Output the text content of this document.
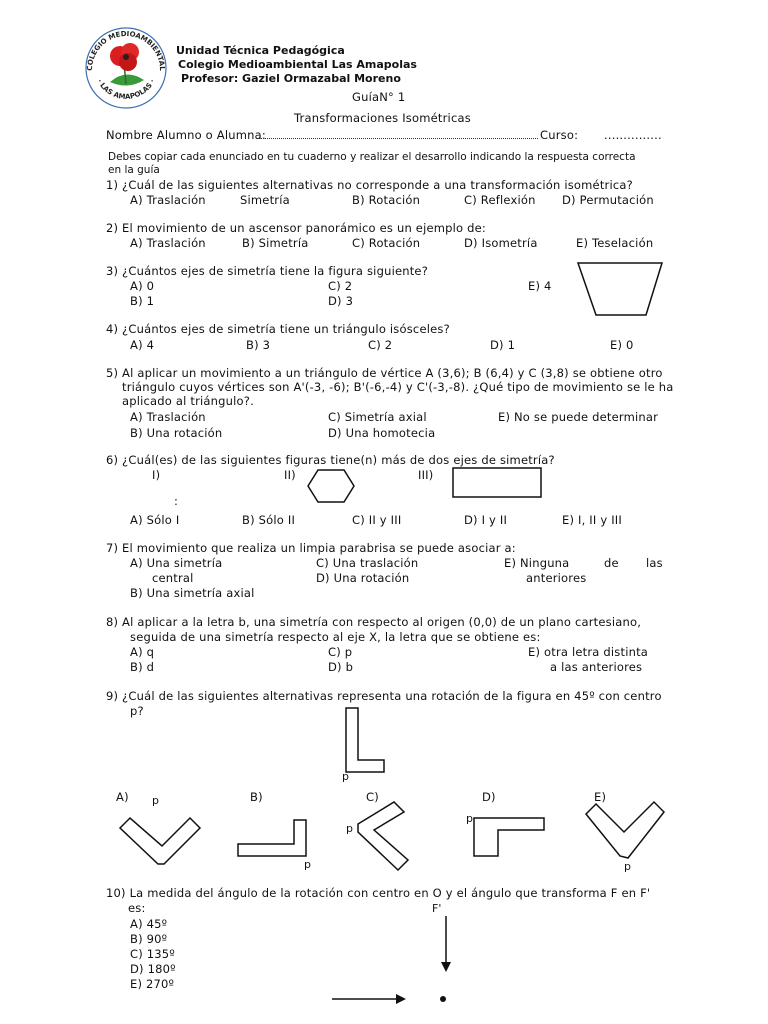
COLEGIO MEDIOAMBIENTAL
· LAS AMAPOLAS ·
Unidad Técnica Pedagógica
Colegio Medioambiental Las Amapolas
Profesor: Gaziel Ormazabal Moreno
GuíaN° 1
Transformaciones Isométricas
Nombre Alumno o Alumna:	Curso: ...............
Debes copiar cada enunciado en tu cuaderno y realizar el desarrollo indicando la respuesta correcta
en la guía
1) ¿Cuál de las siguientes alternativas no corresponde a una transformación isométrica?
A) Traslación	Simetría	B) Rotación	C) Reflexión D) Permutación
2) El movimiento de un ascensor panorámico es un ejemplo de:
A) Traslación	B) Simetría	C) Rotación	D) Isometría	E) Teselación
3) ¿Cuántos ejes de simetría tiene la figura siguiente?
A) 0
B) 1
C) 2
D) 3
E) 4
4) ¿Cuántos ejes de simetría tiene un triángulo isósceles?
A) 4	B) 3	C) 2	D) 1	E) 0
5) Al aplicar un movimiento a un triángulo de vértice A (3,6); B (6,4) y C (3,8) se obtiene otro
triángulo cuyos vértices son A'(-3, -6); B'(-6,-4) y C'(-3,-8). ¿Qué tipo de movimiento se le ha
aplicado al triángulo?.
A) Traslación
B) Una rotación
C) Simetría axial
D) Una homotecia
E) No se puede determinar
6) ¿Cuál(es) de las siguientes figuras tiene(n) más de dos ejes de simetría?
I)	II)	III)
:
A) Sólo I	B) Sólo II	C) II y III	D) I y II	E) I, II y III
7) El movimiento que realiza un limpia parabrisa se puede asociar a:
A) Una simetría
central
B) Una simetría axial
C) Una traslación
D) Una rotación
E) Ninguna	de las
anteriores
8) Al aplicar a la letra b, una simetría con respecto al origen (0,0) de un plano cartesiano,
seguida de una simetría respecto al eje X, la letra que se obtiene es:
A) q
B) d
C) p
D) b
E) otra letra distinta
a las anteriores
9) ¿Cuál de las siguientes alternativas representa una rotación de la figura en 45º con centro
p?
p
A)	B)	C)	D)	E)
p
p
p
p
p
10) La medida del ángulo de la rotación con centro en O y el ángulo que transforma F en F'
es:	F'
A) 45º
B) 90º
C) 135º
D) 180º
E) 270º
